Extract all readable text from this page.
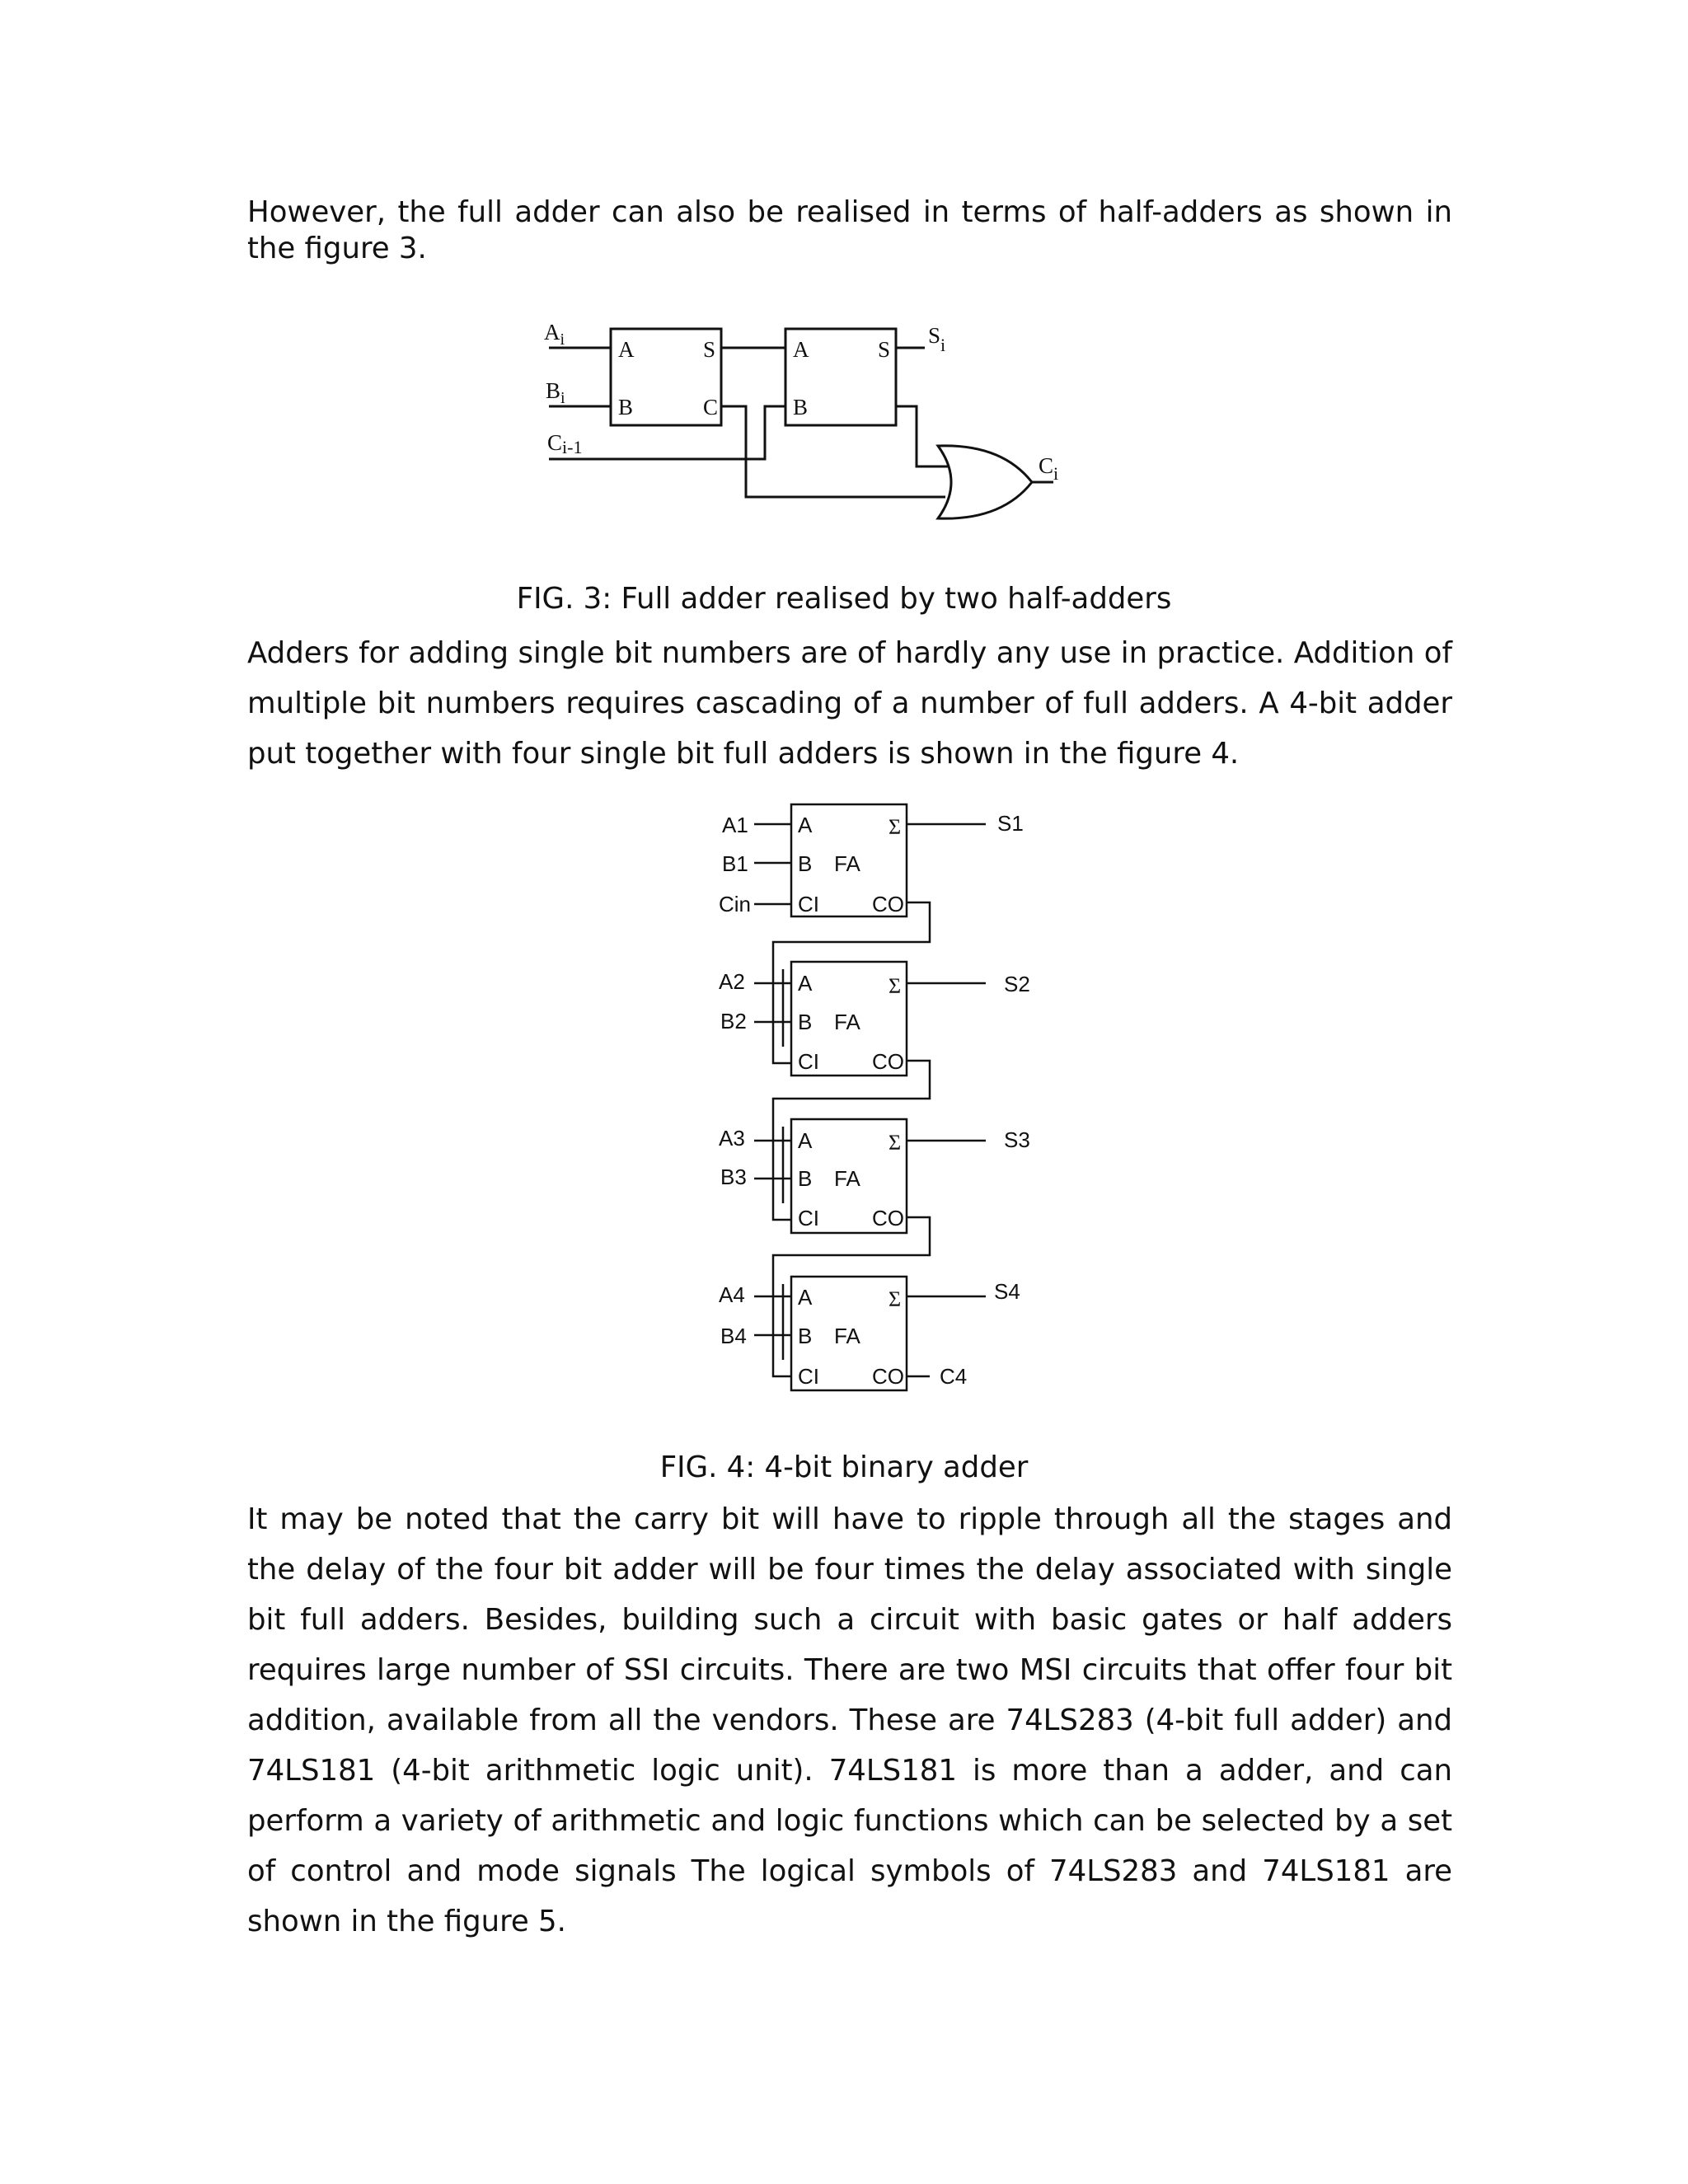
However, the full adder can also be realised in terms of half-adders as shown in the figure 3.

$A_i$
$B_i$
Ci-1
A
B
S
C
A
B
S
$S_i$
$C_i$

FIG. 3: Full adder realised by two half-adders

Adders for adding single bit numbers are of hardly any use in practice. Addition of multiple bit numbers requires cascading of a number of full adders. A 4-bit adder put together with four single bit full adders is shown in the figure 4.

A1
B1
Cin
S1
A2
B2
S2
A3
B3
S3
A4
B4
S4
C4
A
B FA
CI CO
A
B FA
CI CO
A
B FA
CI CO
A
B FA
CI CO
Σ
Σ
Σ
Σ

FIG. 4: 4-bit binary adder

It may be noted that the carry bit will have to ripple through all the stages and the delay of the four bit adder will be four times the delay associated with single bit full adders. Besides, building such a circuit with basic gates or half adders requires large number of SSI circuits. There are two MSI circuits that offer four bit addition, available from all the vendors. These are 74LS283 (4-bit full adder) and 74LS181 (4-bit arithmetic logic unit). 74LS181 is more than a adder, and can perform a variety of arithmetic and logic functions which can be selected by a set of control and mode signals The logical symbols of 74LS283 and 74LS181 are shown in the figure 5.
